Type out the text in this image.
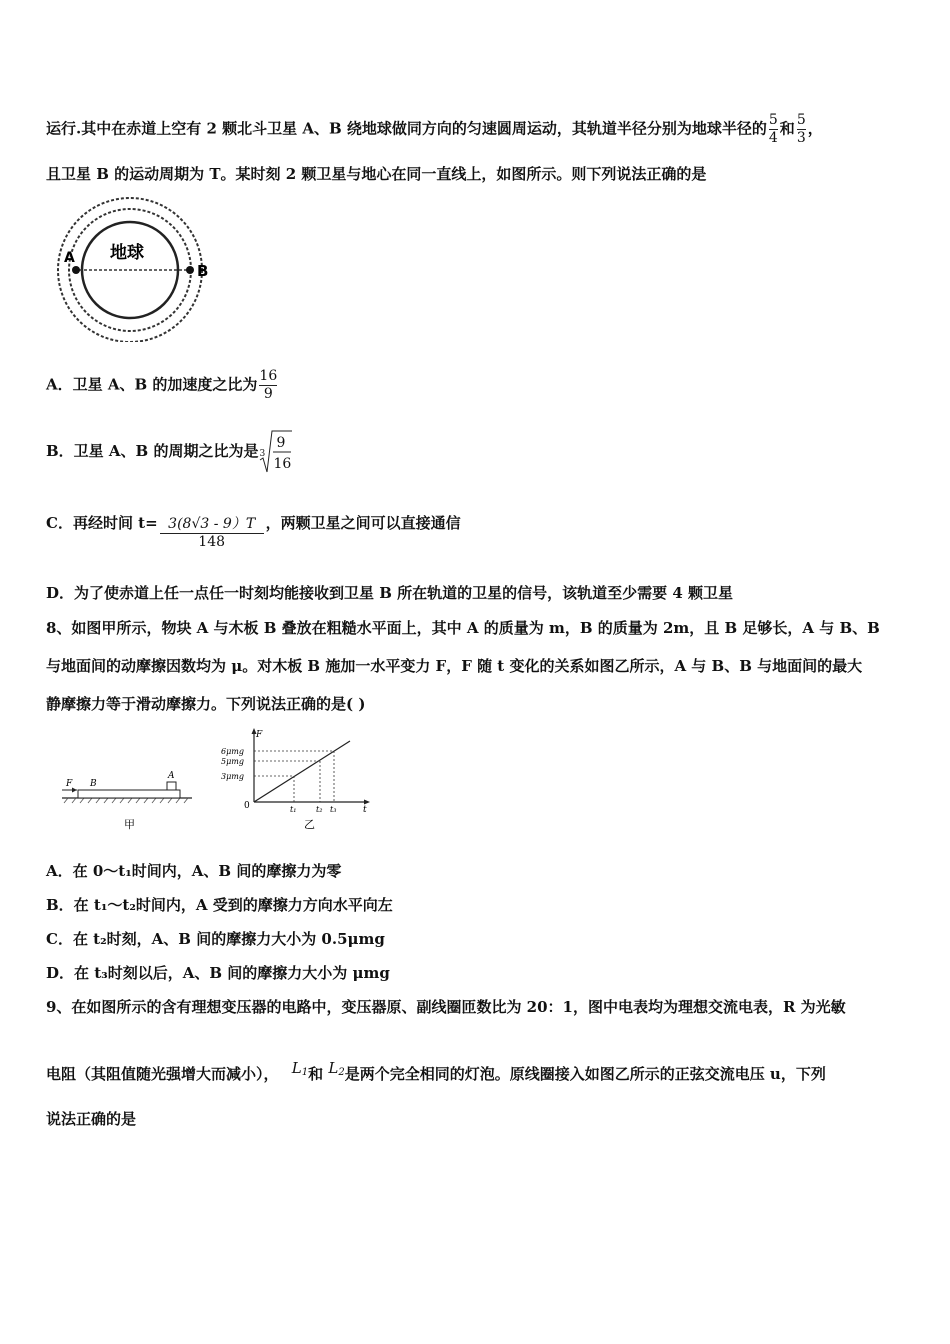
运行.其中在赤道上空有 2 颗北斗卫星 A、B 绕地球做同方向的匀速圆周运动，其轨道半径分别为地球半径的 $\frac{5}{4}$ 和 $\frac{5}{3}$ ，
且卫星 B 的运动周期为 T。某时刻 2 颗卫星与地心在同一直线上，如图所示。则下列说法正确的是
地球
A
B
A．卫星 A、B 的加速度之比为 $\frac{16}{9}$
B．卫星 A、B 的周期之比为是 3
9
16
C．再经时间 $t= \frac{3(8√3 - 9)T}{148}$ ，两颗卫星之间可以直接通信
D．为了使赤道上任一点任一时刻均能接收到卫星 B 所在轨道的卫星的信号，该轨道至少需要 4 颗卫星
8、如图甲所示，物块 A 与木板 B 叠放在粗糙水平面上，其中 A 的质量为 m，B 的质量为 2m，且 B 足够长，A 与 B、B
与地面间的动摩擦因数均为 μ。对木板 B 施加一水平变力 F，F 随 t 变化的关系如图乙所示，A 与 B、B 与地面间的最大
静摩擦力等于滑动摩擦力。下列说法正确的是( )
F B
A
甲
F
t
0
6μmg
5μmg
3μmg
t₁ t₂ t₃
乙
A．在 0～t₁时间内，A、B 间的摩擦力为零
B．在 t₁～t₂时间内，A 受到的摩擦力方向水平向左
C．在 t₂时刻，A、B 间的摩擦力大小为 0.5μmg
D．在 t₃时刻以后，A、B 间的摩擦力大小为 μmg
9、在如图所示的含有理想变压器的电路中，变压器原、副线圈匝数比为 20：1，图中电表均为理想交流电表，R 为光敏
电阻（其阻值随光强增大而减小）， L1和 L2是两个完全相同的灯泡。原线圈接入如图乙所示的正弦交流电压 u，下列
说法正确的是
